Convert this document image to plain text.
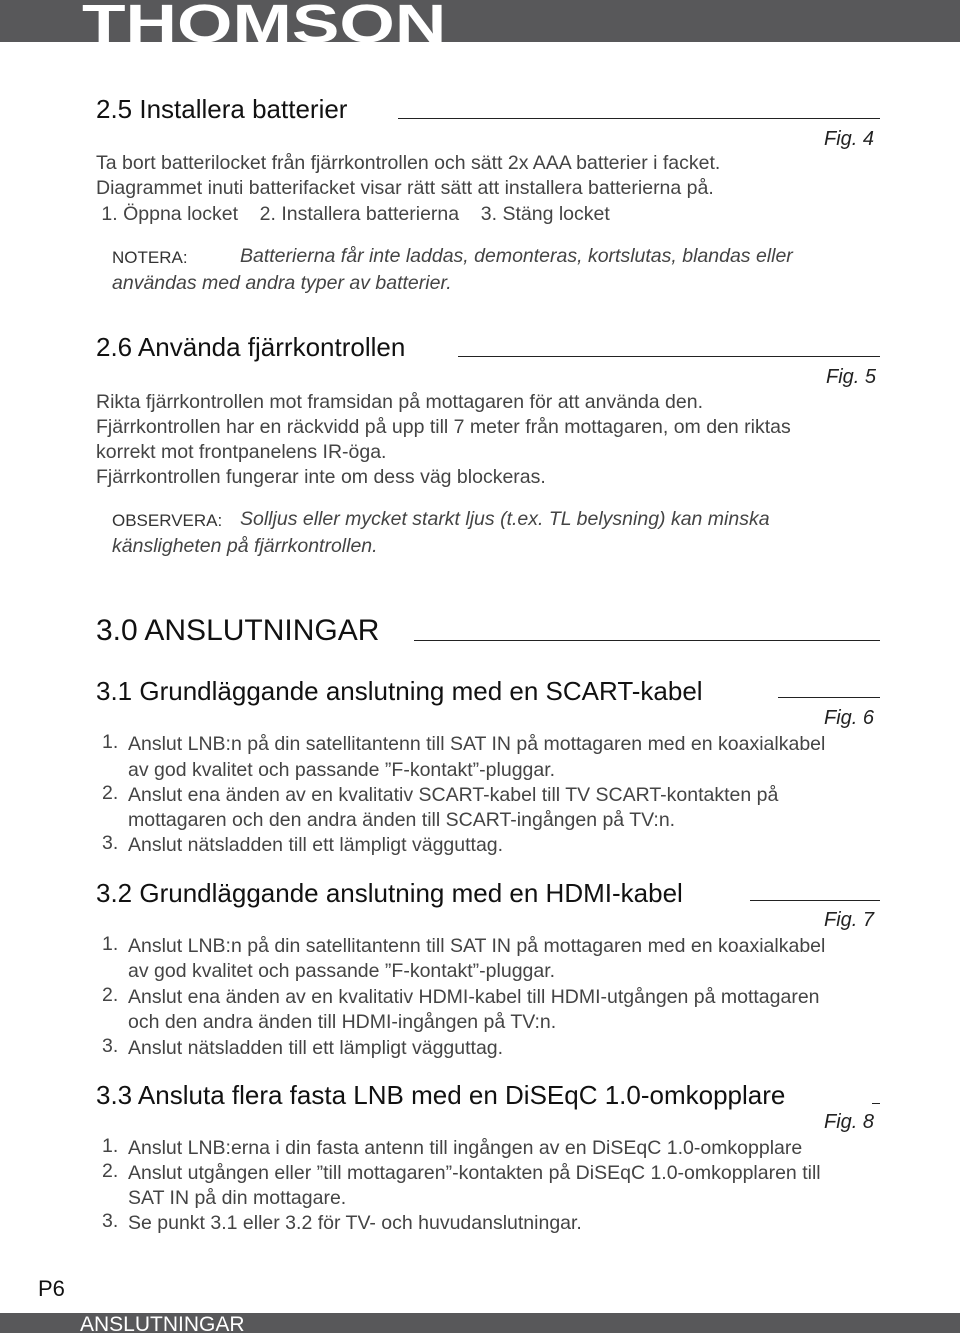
THOMSON
2.5 Installera batterier
Fig. 4
Ta bort batterilocket från fjärrkontrollen och sätt 2x AAA batterier i facket.
Diagrammet inuti batterifacket visar rätt sätt att installera batterierna på.
1. Öppna locket    2. Installera batterierna    3. Stäng locket
NOTERA:	Batterierna får inte laddas, demonteras, kortslutas, blandas eller
användas med andra typer av batterier.
2.6 Använda fjärrkontrollen
Fig. 5
Rikta fjärrkontrollen mot framsidan på mottagaren för att använda den.
Fjärrkontrollen har en räckvidd på upp till 7 meter från mottagaren, om den riktas
korrekt mot frontpanelens IR-öga.
Fjärrkontrollen fungerar inte om dess väg blockeras.
OBSERVERA: Solljus eller mycket starkt ljus (t.ex. TL belysning) kan minska
känsligheten på fjärrkontrollen.
3.0 ANSLUTNINGAR
3.1 Grundläggande anslutning med en SCART-kabel
Fig. 6
1. Anslut LNB:n på din satellitantenn till SAT IN på mottagaren med en koaxialkabel
av god kvalitet och passande ”F-kontakt”-pluggar.
2. Anslut ena änden av en kvalitativ SCART-kabel till TV SCART-kontakten på
mottagaren och den andra änden till SCART-ingången på TV:n.
3. Anslut nätsladden till ett lämpligt vägguttag.
3.2 Grundläggande anslutning med en HDMI-kabel
Fig. 7
1. Anslut LNB:n på din satellitantenn till SAT IN på mottagaren med en koaxialkabel
av god kvalitet och passande ”F-kontakt”-pluggar.
2. Anslut ena änden av en kvalitativ HDMI-kabel till HDMI-utgången på mottagaren
och den andra änden till HDMI-ingången på TV:n.
3. Anslut nätsladden till ett lämpligt vägguttag.
3.3 Ansluta flera fasta LNB med en DiSEqC 1.0-omkopplare
Fig. 8
1. Anslut LNB:erna i din fasta antenn till ingången av en DiSEqC 1.0-omkopplare
2. Anslut utgången eller ”till mottagaren”-kontakten på DiSEqC 1.0-omkopplaren till
SAT IN på din mottagare.
3. Se punkt 3.1 eller 3.2 för TV- och huvudanslutningar.
P6
ANSLUTNINGAR
